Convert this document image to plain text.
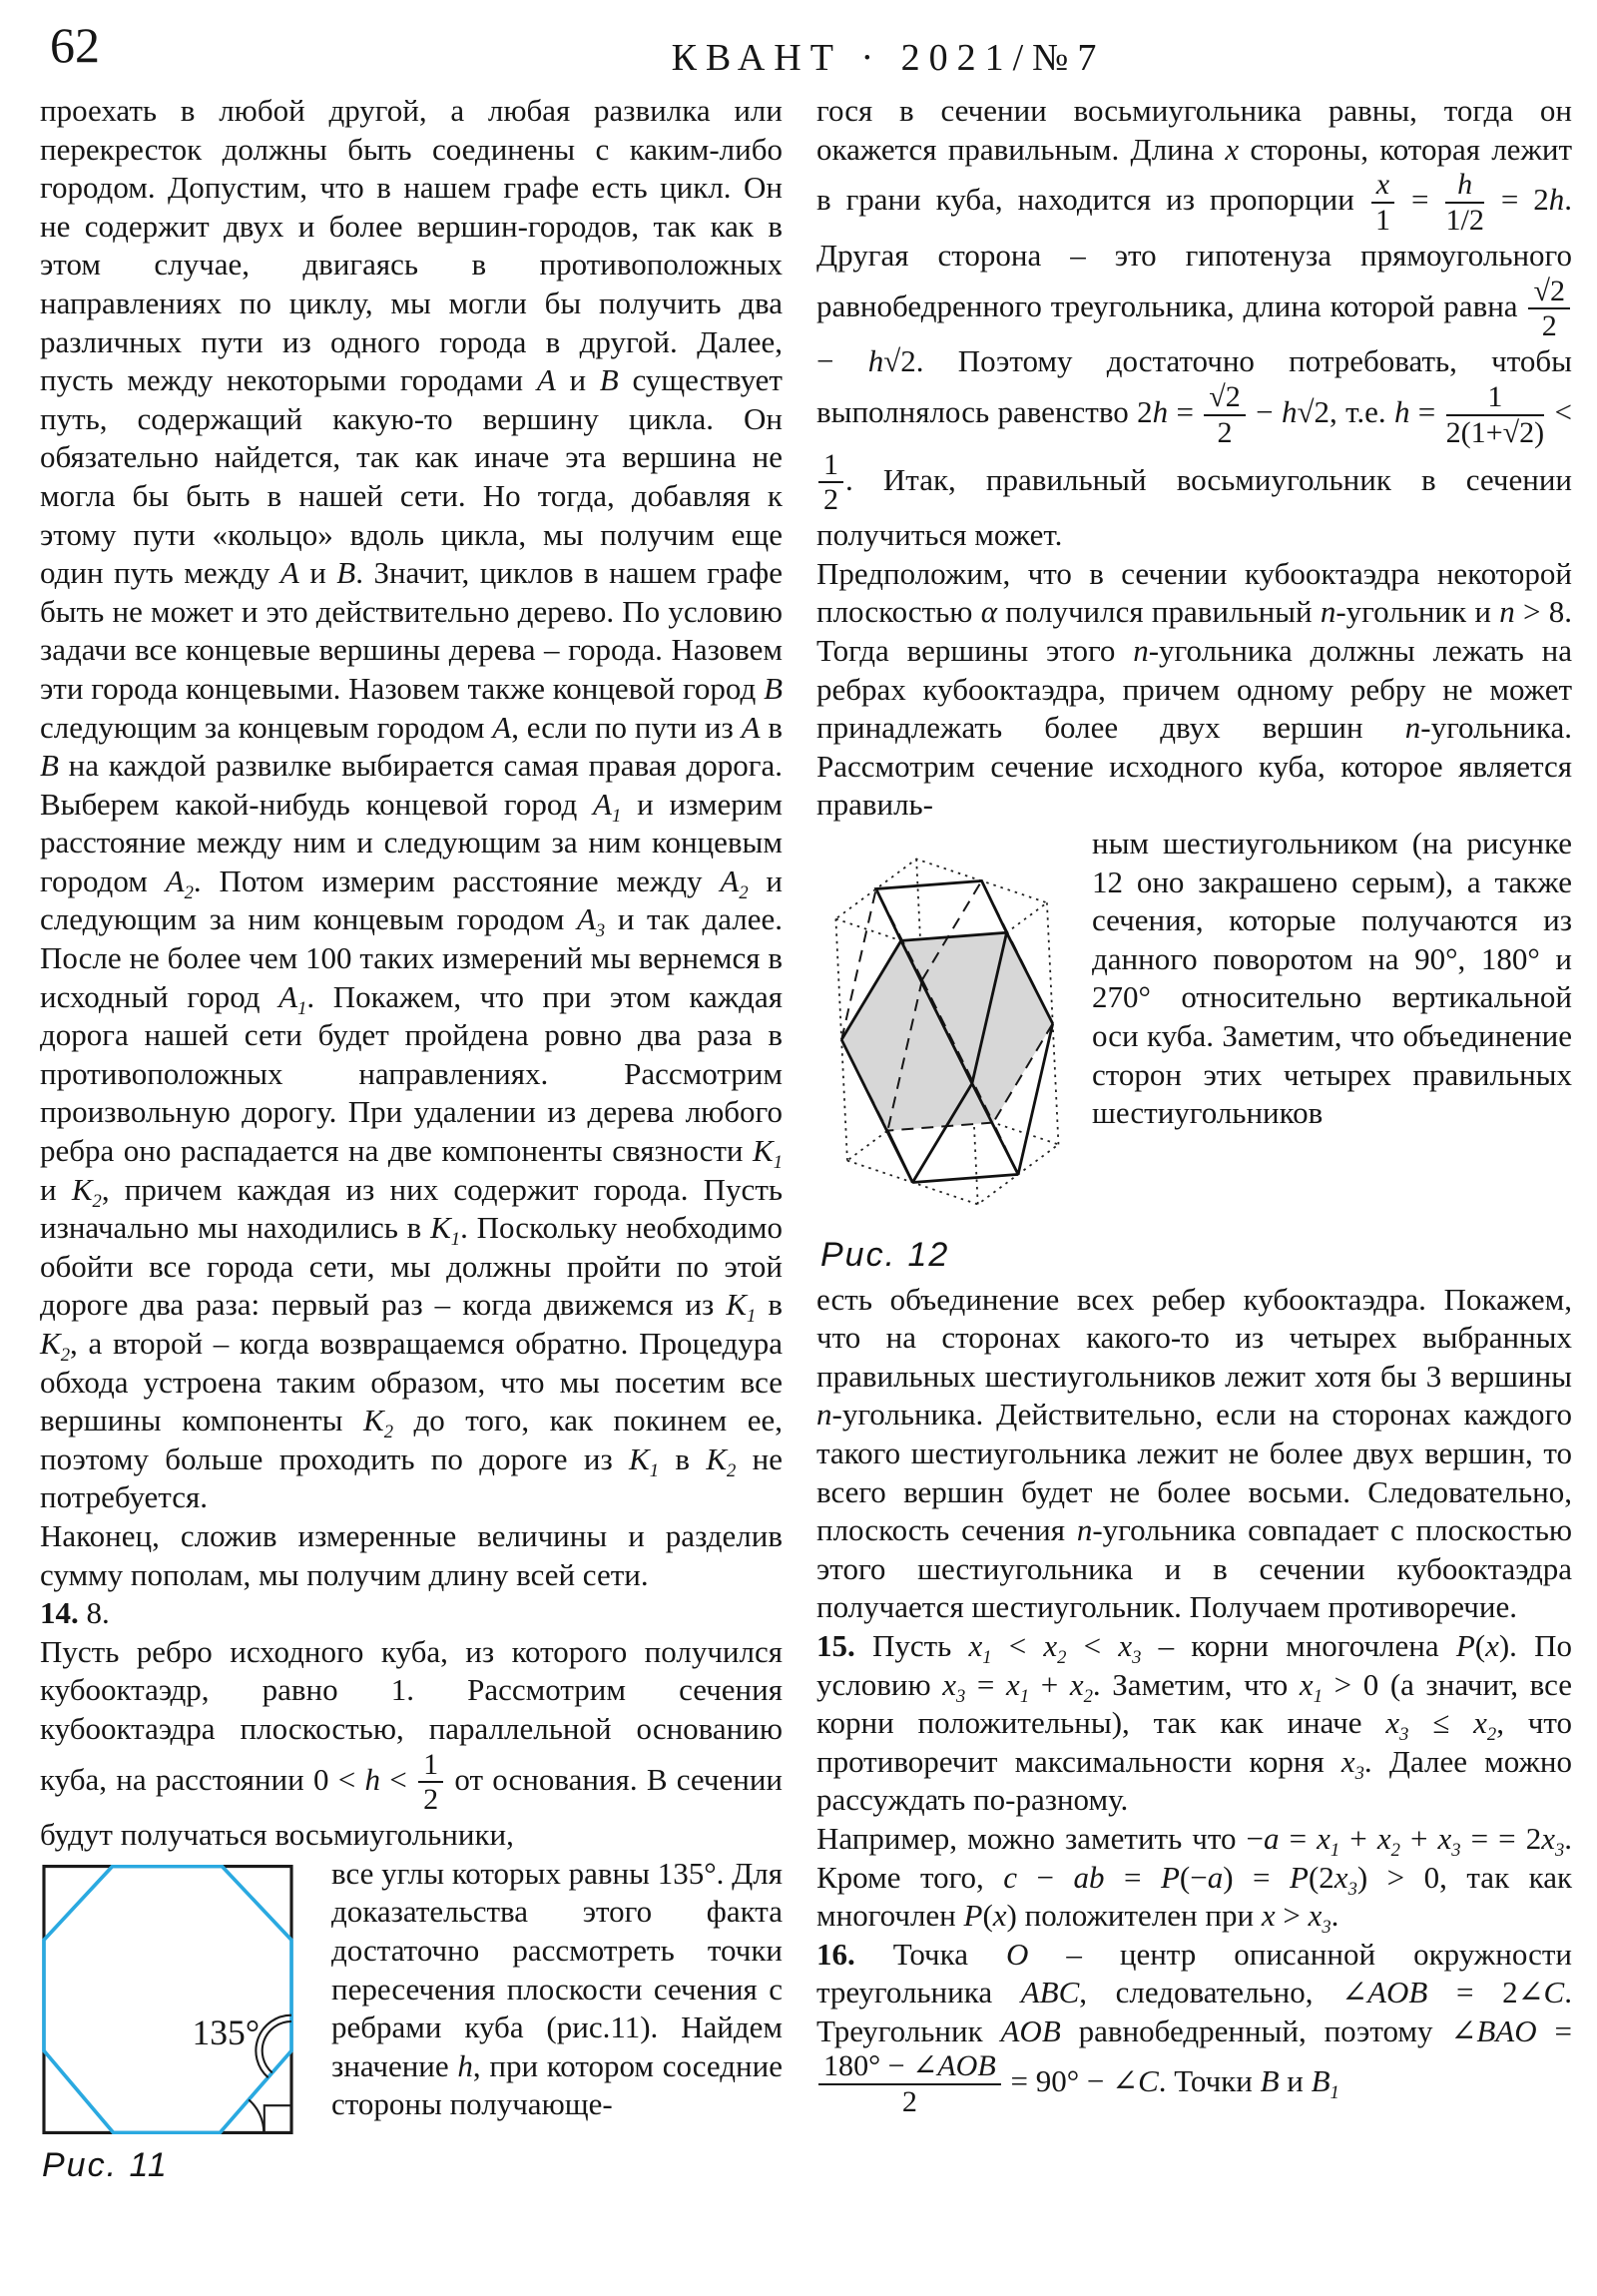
62	КВАНТ · 2021/№7

проехать в любой другой, а любая развилка или перекресток должны быть соединены с каким-либо городом. Допустим, что в нашем графе есть цикл. Он не содержит двух и более вершин-городов, так как в этом случае, двигаясь в противоположных направлениях по циклу, мы могли бы получить два различных пути из одного города в другой. Далее, пусть между некоторыми городами A и B существует путь, содержащий какую-то вершину цикла. Он обязательно найдется, так как иначе эта вершина не могла бы быть в нашей сети. Но тогда, добавляя к этому пути «кольцо» вдоль цикла, мы получим еще один путь между A и B. Значит, циклов в нашем графе быть не может и это действительно дерево. По условию задачи все концевые вершины дерева – города. Назовем эти города концевыми. Назовем также концевой город B следующим за концевым городом A, если по пути из A в B на каждой развилке выбирается самая правая дорога. Выберем какой-нибудь концевой город $A_1$ и измерим расстояние между ним и следующим за ним концевым городом $A_2$. Потом измерим расстояние между $A_2$ и следующим за ним концевым городом $A_3$ и так далее. После не более чем 100 таких измерений мы вернемся в исходный город $A_1$. Покажем, что при этом каждая дорога нашей сети будет пройдена ровно два раза в противоположных направлениях. Рассмотрим произвольную дорогу. При удалении из дерева любого ребра оно распадается на две компоненты связности $K_1$ и $K_2$, причем каждая из них содержит города. Пусть изначально мы находились в $K_1$. Поскольку необходимо обойти все города сети, мы должны пройти по этой дороге два раза: первый раз – когда движемся из $K_1$ в $K_2$, а второй – когда возвращаемся обратно. Процедура обхода устроена таким образом, что мы посетим все вершины компоненты $K_2$ до того, как покинем ее, поэтому больше проходить по дороге из $K_1$ в $K_2$ не потребуется.

Наконец, сложив измеренные величины и разделив сумму пополам, мы получим длину всей сети.

14. 8.

Пусть ребро исходного куба, из которого получился кубооктаэдр, равно 1. Рассмотрим сечения кубооктаэдра плоскостью, параллельной основанию куба, на расстоянии $0 < h < \frac{1}{2}$ от основания. В сечении будут получаться восьмиугольники,

135°
Рис. 11
все углы которых равны 135°. Для доказательства этого факта достаточно рассмотреть точки пересечения плоскости сечения с ребрами куба (рис.11). Найдем значение h, при котором соседние стороны получающе-

гося в сечении восьмиугольника равны, тогда он окажется правильным. Длина x стороны, которая лежит в грани куба, находится из пропорции $\frac{x}{1} = \frac{h}{1/2} = 2h$. Другая сторона – это гипотенуза прямоугольного равнобедренного треугольника, длина которой равна $\frac{√2}{2}$
− h√2. Поэтому достаточно потребовать, чтобы выполнялось равенство $2h = \frac{√2}{2} - h√2$, т.е. $h = \frac{1}{2(1+√2)}$ <
$\frac{1}{2}$ . Итак, правильный восьмиугольник в сечении получиться может.

Предположим, что в сечении кубооктаэдра некоторой плоскостью α получился правильный n-угольник и n > 8. Тогда вершины этого n-угольника должны лежать на ребрах кубооктаэдра, причем одному ребру не может принадлежать более двух вершин n-угольника. Рассмотрим сечение исходного куба, которое является правиль-

Рис. 12
ным шестиугольником (на рисунке 12 оно закрашено серым), а также сечения, которые получаются из данного поворотом на 90°, 180° и 270° относительно вертикальной оси куба. Заметим, что объединение сторон этих четырех правильных шестиугольников

есть объединение всех ребер кубооктаэдра. Покажем, что на сторонах какого-то из четырех выбранных правильных шестиугольников лежит хотя бы 3 вершины n-угольника. Действительно, если на сторонах каждого такого шестиугольника лежит не более двух вершин, то всего вершин будет не более восьми. Следовательно, плоскость сечения n-угольника совпадает с плоскостью этого шестиугольника и в сечении кубооктаэдра получается шестиугольник. Получаем противоречие.

15. Пусть $x_1 < x_2 < x_3$ – корни многочлена P(x). По условию $x_3 = x_1 + x_2$. Заметим, что $x_1 > 0$ (а значит, все корни положительны), так как иначе $x_3 \le x_2$, что противоречит максимальности корня $x_3$. Далее можно рассуждать по-разному.

Например, можно заметить что $-a = x_1 + x_2 + x_3$ = = $2x_3$. Кроме того, c − ab = $P(-a) = P(2x_3) > 0$, так как многочлен P(x) положителен при $x > x_3$.

16. Точка O – центр описанной окружности треугольника ABC, следовательно, ∠AOB = 2∠C. Треугольник AOB равнобедренный, поэтому ∠BAO =
$\frac{\text{180° − ∠AOB}}{2} = 90^\circ$ − ∠C. Точки B и $B_1$
